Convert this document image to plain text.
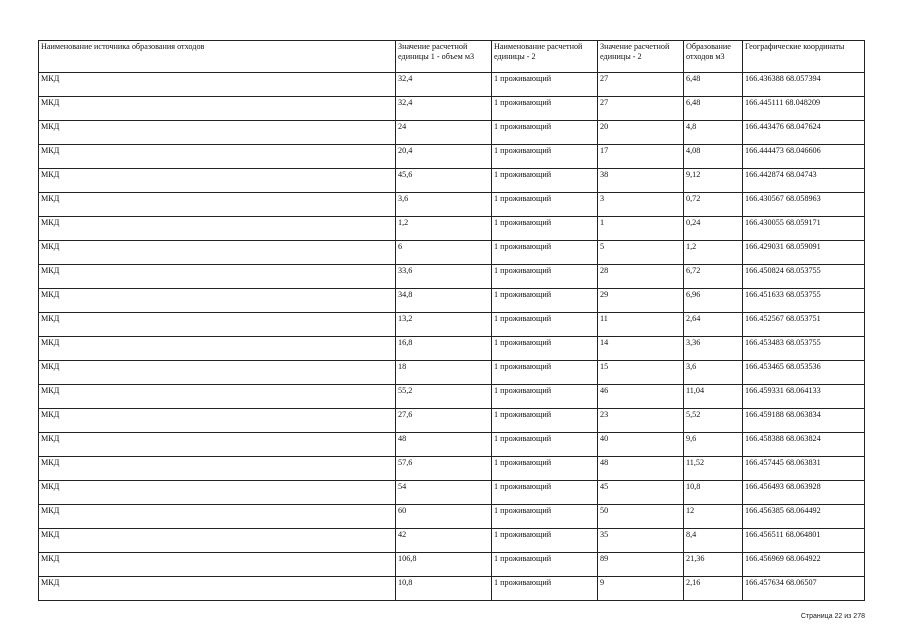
Наименование источника образования отходов	Значение расчетной единицы 1 - объем м3	Наименование расчетной единицы - 2	Значение расчетной единицы - 2	Образование отходов м3	Географические координаты
МКД	32,4	1 проживающий	27	6,48	166.436388 68.057394
МКД	32,4	1 проживающий	27	6,48	166.445111 68.048209
МКД	24	1 проживающий	20	4,8	166.443476 68.047624
МКД	20,4	1 проживающий	17	4,08	166.444473 68.046606
МКД	45,6	1 проживающий	38	9,12	166.442874 68.04743
МКД	3,6	1 проживающий	3	0,72	166.430567 68.058963
МКД	1,2	1 проживающий	1	0,24	166.430055 68.059171
МКД	6	1 проживающий	5	1,2	166.429031 68.059091
МКД	33,6	1 проживающий	28	6,72	166.450824 68.053755
МКД	34,8	1 проживающий	29	6,96	166.451633 68.053755
МКД	13,2	1 проживающий	11	2,64	166.452567 68.053751
МКД	16,8	1 проживающий	14	3,36	166.453483 68.053755
МКД	18	1 проживающий	15	3,6	166.453465 68.053536
МКД	55,2	1 проживающий	46	11,04	166.459331 68.064133
МКД	27,6	1 проживающий	23	5,52	166.459188 68.063834
МКД	48	1 проживающий	40	9,6	166.458388 68.063824
МКД	57,6	1 проживающий	48	11,52	166.457445 68.063831
МКД	54	1 проживающий	45	10,8	166.456493 68.063928
МКД	60	1 проживающий	50	12	166.456385 68.064492
МКД	42	1 проживающий	35	8,4	166.456511 68.064801
МКД	106,8	1 проживающий	89	21,36	166.456969 68.064922
МКД	10,8	1 проживающий	9	2,16	166.457634 68.06507
Страница 22 из 278
